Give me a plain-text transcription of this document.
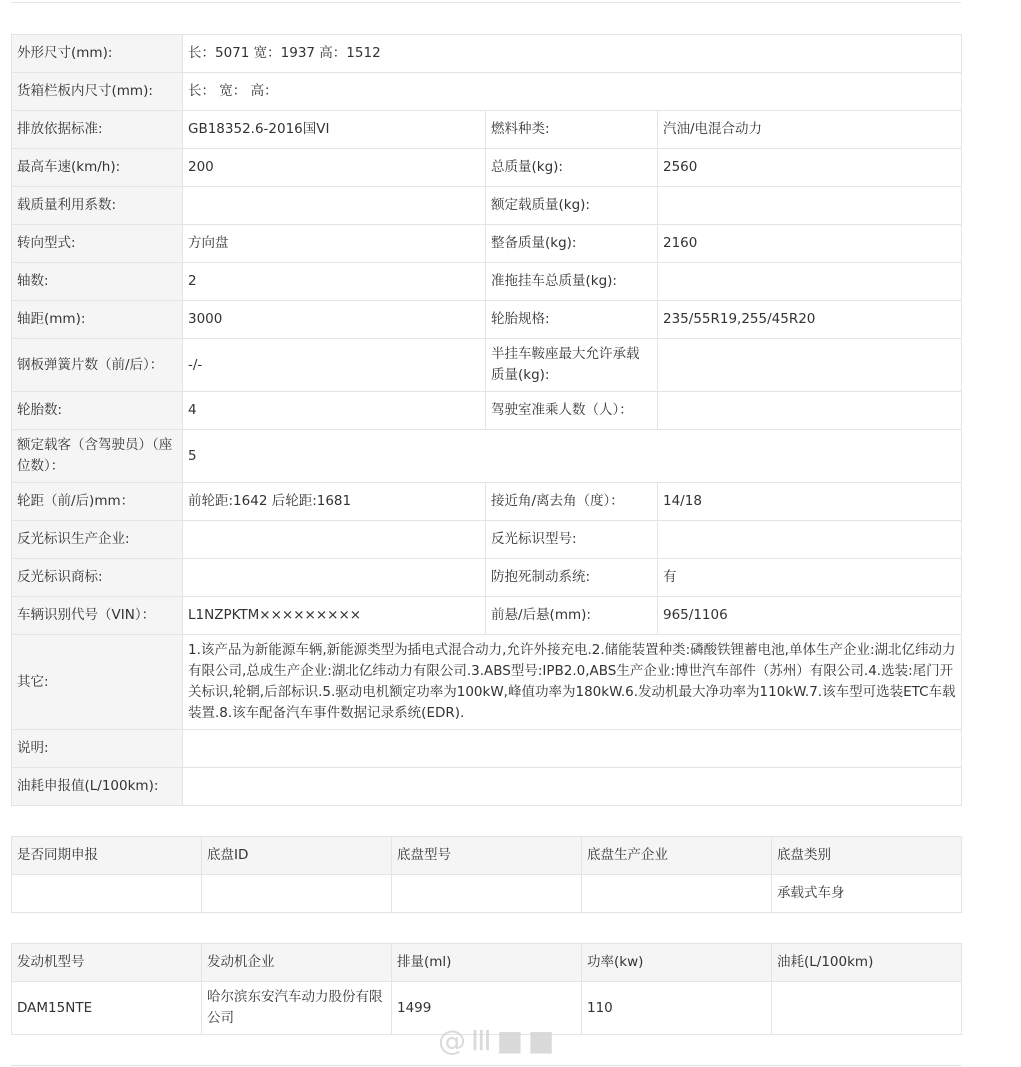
外形尺寸(mm):	长：5071 宽：1937 高：1512		
货箱栏板内尺寸(mm):	长： 宽： 高：		
排放依据标准:	GB18352.6-2016国VI	燃料种类:	汽油/电混合动力
最高车速(km/h):	200	总质量(kg):	2560
载质量利用系数:		额定载质量(kg):	
转向型式:	方向盘	整备质量(kg):	2160
轴数:	2	准拖挂车总质量(kg):	
轴距(mm):	3000	轮胎规格:	235/55R19,255/45R20
钢板弹簧片数（前/后）：	-/-	半挂车鞍座最大允许承载质量(kg):	
轮胎数:	4	驾驶室准乘人数（人）：	
额定载客（含驾驶员）（座位数）：	5		
轮距（前/后)mm：	前轮距:1642 后轮距:1681	接近角/离去角（度）：	14/18
反光标识生产企业:		反光标识型号:	
反光标识商标:		防抱死制动系统:	有
车辆识别代号（VIN）：	L1NZPKTM×××××××××	前悬/后悬(mm):	965/1106
其它:	1.该产品为新能源车辆,新能源类型为插电式混合动力,允许外接充电.2.储能装置种类:磷酸铁锂蓄电池,单体生产企业:湖北亿纬动力有限公司,总成生产企业:湖北亿纬动力有限公司.3.ABS型号:IPB2.0,ABS生产企业:博世汽车部件（苏州）有限公司.4.选装:尾门开关标识,轮辋,后部标识.5.驱动电机额定功率为100kW,峰值功率为180kW.6.发动机最大净功率为110kW.7.该车型可选装ETC车载装置.8.该车配备汽车事件数据记录系统(EDR).		
说明:			
油耗申报值(L/100km):			
是否同期申报	底盘ID	底盘型号	底盘生产企业	底盘类别
				承载式车身
发动机型号	发动机企业	排量(ml)	功率(kw)	油耗(L/100km)
DAM15NTE	哈尔滨东安汽车动力股份有限公司	1499	110	
@ III ■ ■
